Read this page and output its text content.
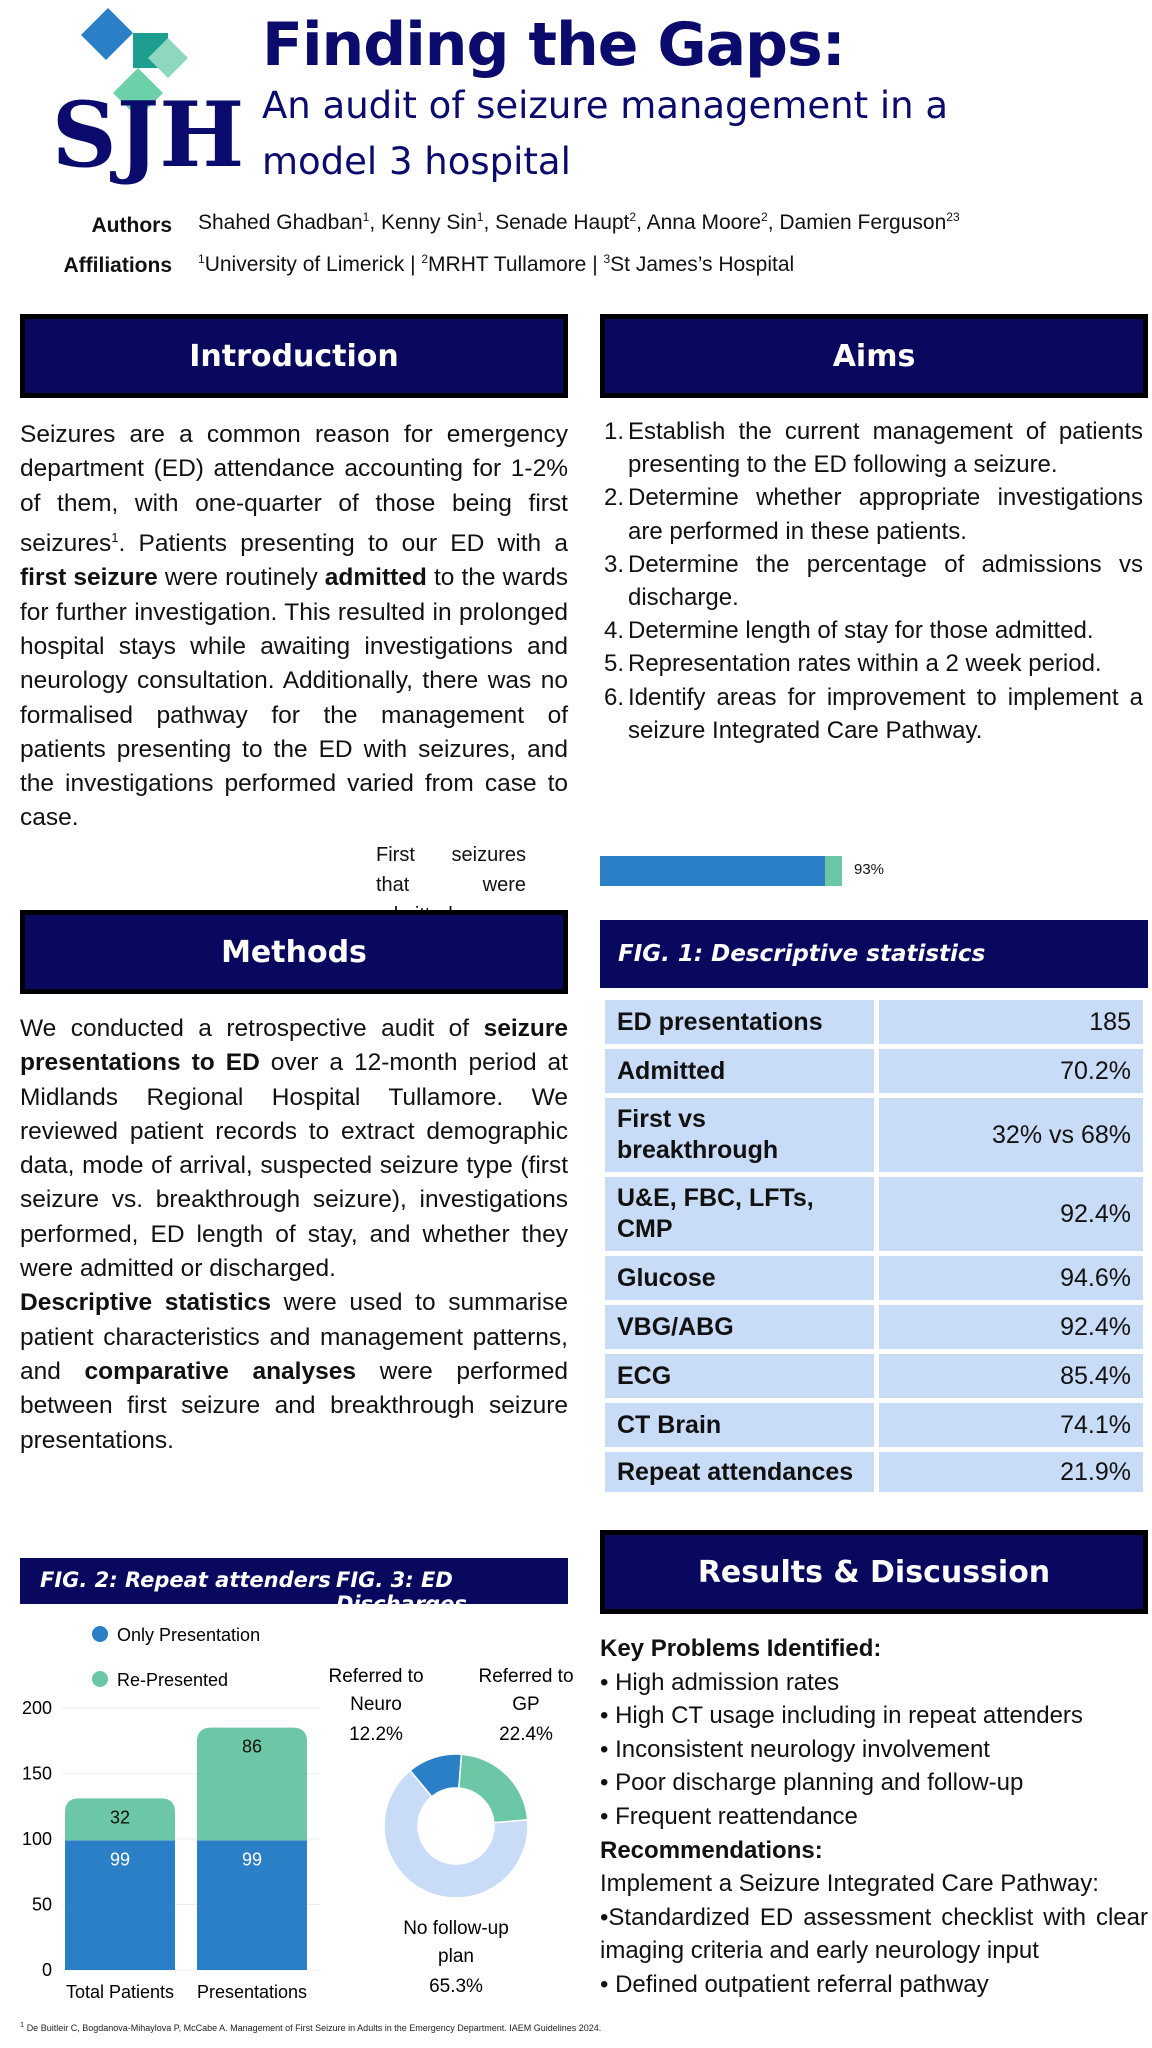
SJH
Finding the Gaps:
An audit of seizure management in a model 3 hospital
Authors Shahed Ghadban$^1$, Kenny Sin$^1$, Senade Haupt$^2$, Anna Moore$^2$, Damien Ferguson$^{23}$
Affiliations $^1$University of Limerick | $^2$MRHT Tullamore | $^3$St James’s Hospital
Introduction
Seizures are a common reason for emergency department (ED) attendance accounting for 1-2% of them, with one-quarter of those being first seizures$^1$. Patients presenting to our ED with a first seizure were routinely admitted to the wards for further investigation. This resulted in prolonged hospital stays while awaiting investigations and neurology consultation. Additionally, there was no formalised pathway for the management of patients presenting to the ED with seizures, and the investigations performed varied from case to case.
First seizures that were
93%
Aims
1. Establish the current management of patients presenting to the ED following a seizure.
2. Determine whether appropriate investigations are performed in these patients.
3. Determine the percentage of admissions vs discharge.
4. Determine length of stay for those admitted.
5. Representation rates within a 2 week period.
6. Identify areas for improvement to implement a seizure Integrated Care Pathway.
Methods
We conducted a retrospective audit of seizure presentations to ED over a 12-month period at Midlands Regional Hospital Tullamore. We reviewed patient records to extract demographic data, mode of arrival, suspected seizure type (first seizure vs. breakthrough seizure), investigations performed, ED length of stay, and whether they were admitted or discharged.
Descriptive statistics were used to summarise patient characteristics and management patterns, and comparative analyses were performed between first seizure and breakthrough seizure presentations.
FIG. 1: Descriptive statistics
ED presentations	185
Admitted	70.2%
First vs breakthrough	32% vs 68%
U&E, FBC, LFTs, CMP	92.4%
Glucose	94.6%
VBG/ABG	92.4%
ECG	85.4%
CT Brain	74.1%
Repeat attendances	21.9%
FIG. 2: Repeat attenders FIG. 3: ED Discharges
Only Presentation
Re-Presented
0
50
100
150
200
99
32
Total Patients
99
86
Presentations
Referred to Neuro
12.2%
Referred to GP
22.4%
No follow-up plan
65.3%
Results & Discussion
Key Problems Identified:
• High admission rates
• High CT usage including in repeat attenders
• Inconsistent neurology involvement
• Poor discharge planning and follow-up
• Frequent reattendance
Recommendations:
Implement a Seizure Integrated Care Pathway:
•Standardized ED assessment checklist with clear imaging criteria and early neurology input
• Defined outpatient referral pathway
$^1$ De Buitleir C, Bogdanova-Mihaylova P, McCabe A. Management of First Seizure in Adults in the Emergency Department. IAEM Guidelines 2024.
